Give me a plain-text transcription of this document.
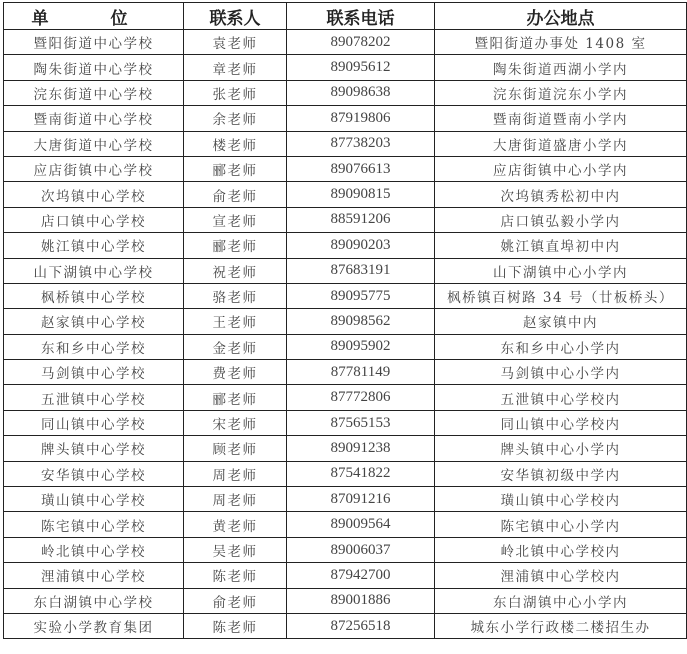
单 位	联系人	联系电话	办公地点
暨阳街道中心学校	袁老师	89078202	暨阳街道办事处 1408 室
陶朱街道中心学校	章老师	89095612	陶朱街道西湖小学内
浣东街道中心学校	张老师	89098638	浣东街道浣东小学内
暨南街道中心学校	余老师	87919806	暨南街道暨南小学内
大唐街道中心学校	楼老师	87738203	大唐街道盛唐小学内
应店街镇中心学校	郦老师	89076613	应店街镇中心小学内
次坞镇中心学校	俞老师	89090815	次坞镇秀松初中内
店口镇中心学校	宣老师	88591206	店口镇弘毅小学内
姚江镇中心学校	郦老师	89090203	姚江镇直埠初中内
山下湖镇中心学校	祝老师	87683191	山下湖镇中心小学内
枫桥镇中心学校	骆老师	89095775	枫桥镇百树路 34 号（廿板桥头）
赵家镇中心学校	王老师	89098562	赵家镇中内
东和乡中心学校	金老师	89095902	东和乡中心小学内
马剑镇中心学校	费老师	87781149	马剑镇中心小学内
五泄镇中心学校	郦老师	87772806	五泄镇中心学校内
同山镇中心学校	宋老师	87565153	同山镇中心学校内
牌头镇中心学校	顾老师	89091238	牌头镇中心小学内
安华镇中心学校	周老师	87541822	安华镇初级中学内
璜山镇中心学校	周老师	87091216	璜山镇中心学校内
陈宅镇中心学校	黄老师	89009564	陈宅镇中心小学内
岭北镇中心学校	吴老师	89006037	岭北镇中心学校内
浬浦镇中心学校	陈老师	87942700	浬浦镇中心学校内
东白湖镇中心学校	俞老师	89001886	东白湖镇中心小学内
实验小学教育集团	陈老师	87256518	城东小学行政楼二楼招生办
